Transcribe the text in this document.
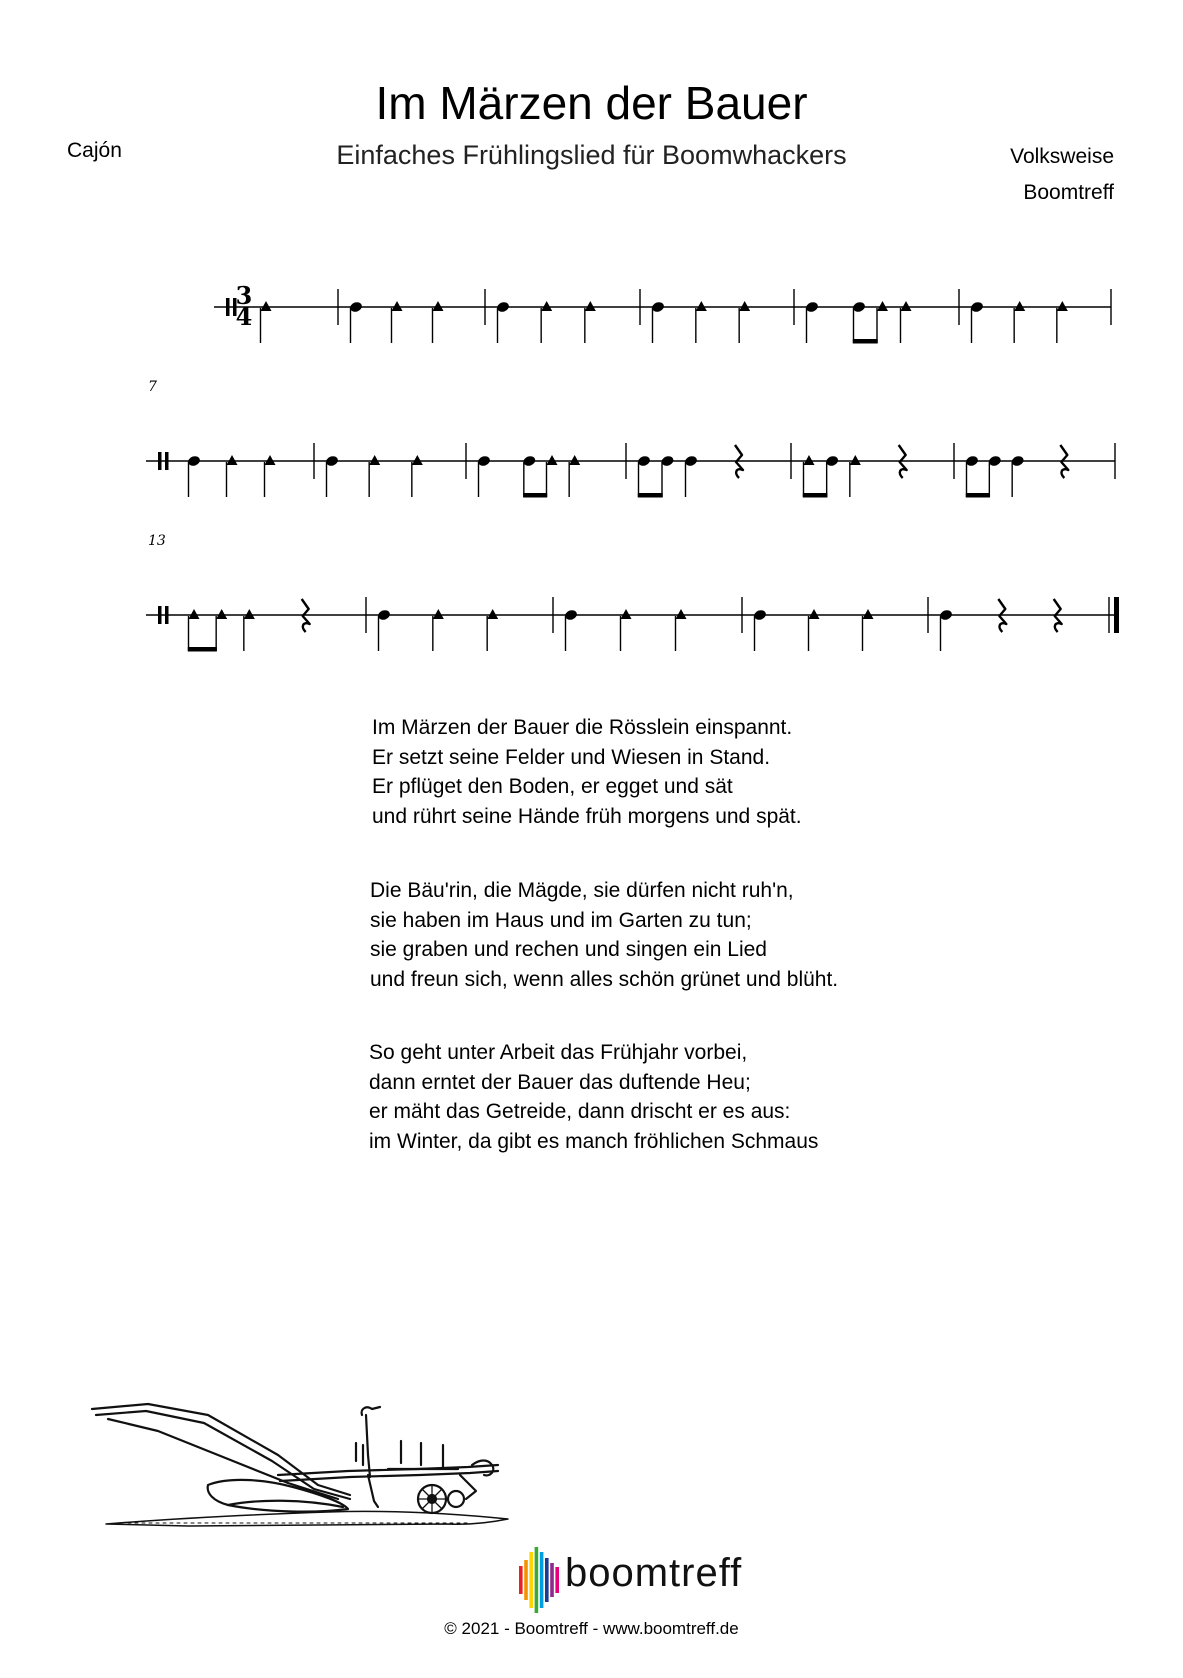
Im Märzen der Bauer
Einfaches Frühlingslied für Boomwhackers
Cajón	Volksweise
Boomtreff
3
4
7
13
Im Märzen der Bauer die Rösslein einspannt.
Er setzt seine Felder und Wiesen in Stand.
Er pflüget den Boden, er egget und sät
und rührt seine Hände früh morgens und spät.
Die Bäu'rin, die Mägde, sie dürfen nicht ruh'n,
sie haben im Haus und im Garten zu tun;
sie graben und rechen und singen ein Lied
und freun sich, wenn alles schön grünet und blüht.
So geht unter Arbeit das Frühjahr vorbei,
dann erntet der Bauer das duftende Heu;
er mäht das Getreide, dann drischt er es aus:
im Winter, da gibt es manch fröhlichen Schmaus
boomtreff
© 2021 - Boomtreff - www.boomtreff.de
